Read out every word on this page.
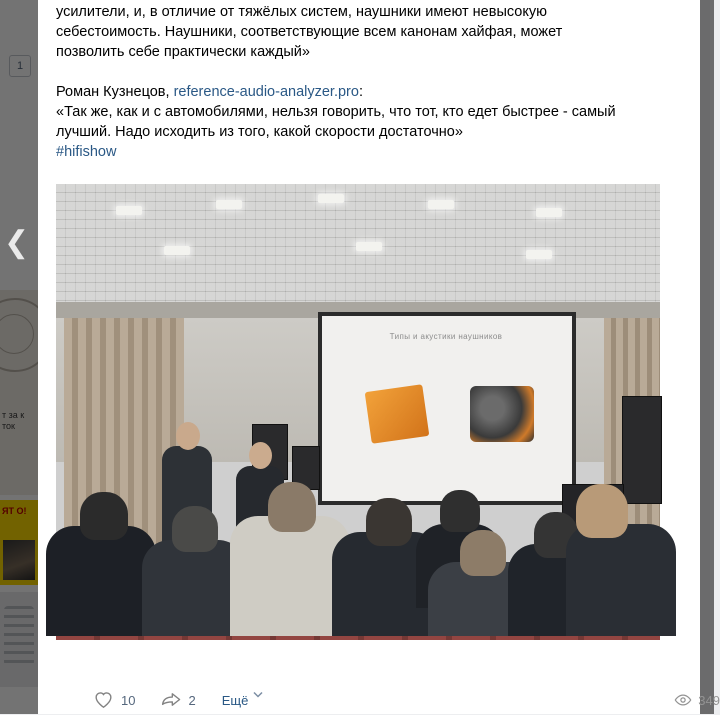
❮

усилители, и, в отличие от тяжёлых систем, наушники имеют невысокую

себестоимость. Наушники, соответствующие всем канонам хайфая, может

позволить себе практически каждый»

Роман Кузнецов, reference-audio-analyzer.pro:

«Так же, как и с автомобилями, нельзя говорить, что тот, кто едет быстрее - самый

лучший. Надо исходить из того, какой скорости достаточно»

#hifishow

Типы и акустики наушников
10	2 Ещё	349
